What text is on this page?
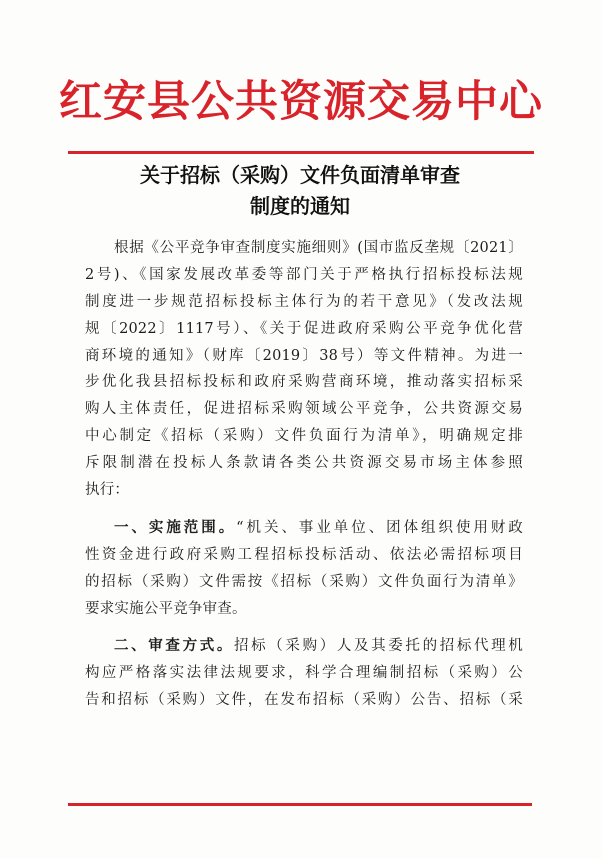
红安县公共资源交易中心
关于招标（采购）文件负面清单审查
制度的通知
根据《公平竞争审查制度实施细则》(国市监反垄规〔2021〕
2号)、《国家发展改革委等部门关于严格执行招标投标法规
制度进一步规范招标投标主体行为的若干意见》（发改法规
规〔2022〕1117号）、《关于促进政府采购公平竞争优化营
商环境的通知》（财库〔2019〕38号）等文件精神。为进一
步优化我县招标投标和政府采购营商环境，推动落实招标采
购人主体责任，促进招标采购领域公平竞争，公共资源交易
中心制定《招标（采购）文件负面行为清单》，明确规定排
斥限制潜在投标人条款请各类公共资源交易市场主体参照
执行：
一、实施范围。“机关、事业单位、团体组织使用财政
性资金进行政府采购工程招标投标活动、依法必需招标项目
的招标（采购）文件需按《招标（采购）文件负面行为清单》
要求实施公平竞争审查。
二、审查方式。招标（采购）人及其委托的招标代理机
构应严格落实法律法规要求，科学合理编制招标（采购）公
告和招标（采购）文件，在发布招标（采购）公告、招标（采
